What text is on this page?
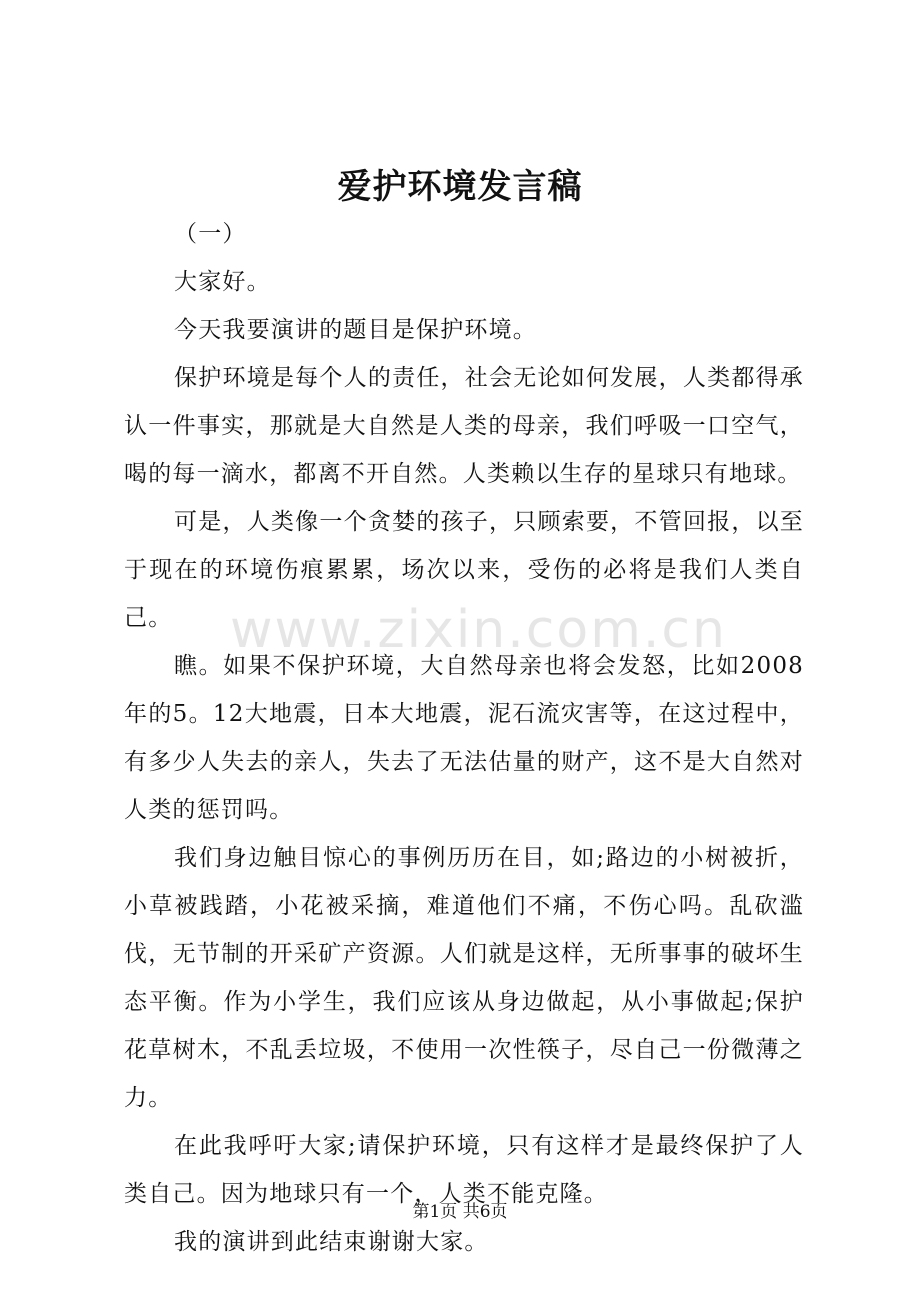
爱护环境发言稿

（一）

大家好。

今天我要演讲的题目是保护环境。

保护环境是每个人的责任，社会无论如何发展，人类都得承认一件事实，那就是大自然是人类的母亲，我们呼吸一口空气，喝的每一滴水，都离不开自然。人类赖以生存的星球只有地球。

可是，人类像一个贪婪的孩子，只顾索要，不管回报，以至于现在的环境伤痕累累，场次以来，受伤的必将是我们人类自己。

瞧。如果不保护环境，大自然母亲也将会发怒，比如2008年的5。12大地震，日本大地震，泥石流灾害等，在这过程中，有多少人失去的亲人，失去了无法估量的财产，这不是大自然对人类的惩罚吗。

我们身边触目惊心的事例历历在目，如;路边的小树被折，小草被践踏，小花被采摘，难道他们不痛，不伤心吗。乱砍滥伐，无节制的开采矿产资源。人们就是这样，无所事事的破坏生态平衡。作为小学生，我们应该从身边做起，从小事做起;保护花草树木，不乱丢垃圾，不使用一次性筷子，尽自己一份微薄之力。

在此我呼吁大家;请保护环境，只有这样才是最终保护了人类自己。因为地球只有一个，人类不能克隆。

我的演讲到此结束谢谢大家。

www.zixin.com.cn
第1页 共6页
